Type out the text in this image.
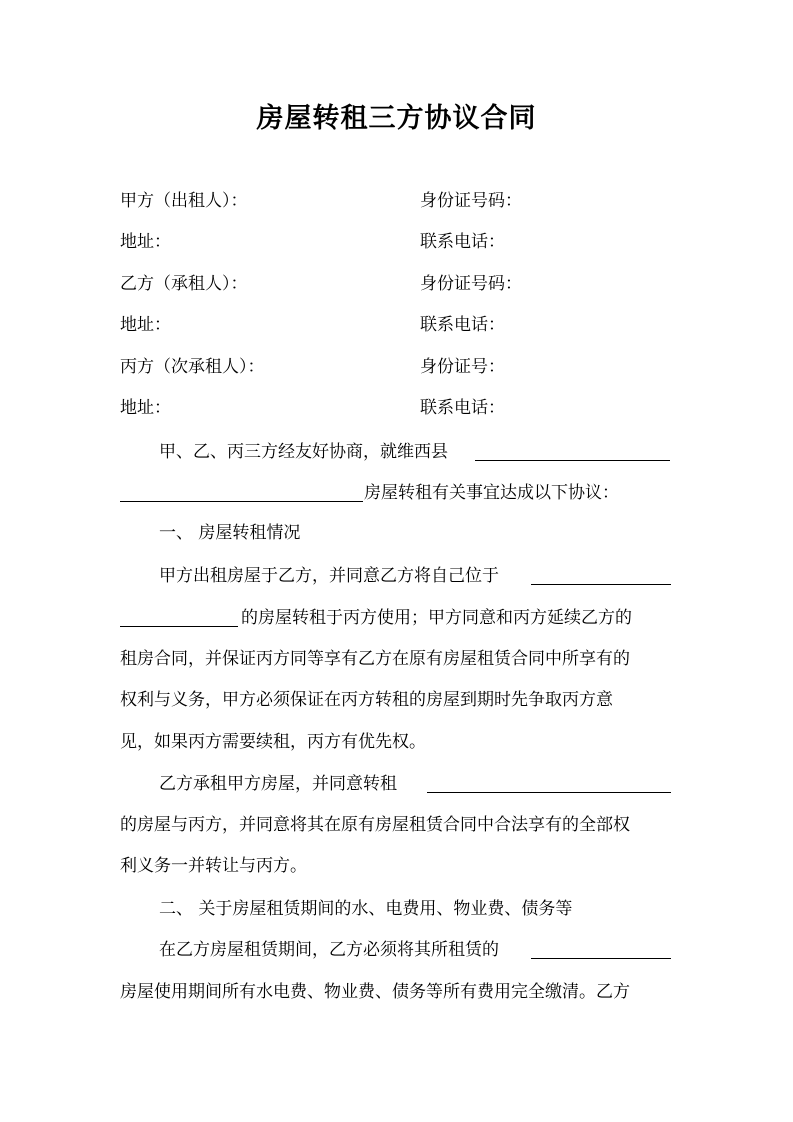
房屋转租三方协议合同
甲方（出租人）：	身份证号码：
地址：	联系电话：
乙方（承租人）：	身份证号码：
地址：	联系电话：
丙方（次承租人）：	身份证号：
地址：	联系电话：
甲、乙、丙三方经友好协商，就维西县
房屋转租有关事宜达成以下协议：
一、 房屋转租情况
甲方出租房屋于乙方，并同意乙方将自己位于
的房屋转租于丙方使用；甲方同意和丙方延续乙方的
租房合同，并保证丙方同等享有乙方在原有房屋租赁合同中所享有的
权利与义务，甲方必须保证在丙方转租的房屋到期时先争取丙方意
见，如果丙方需要续租，丙方有优先权。
乙方承租甲方房屋，并同意转租
的房屋与丙方，并同意将其在原有房屋租赁合同中合法享有的全部权
利义务一并转让与丙方。
二、 关于房屋租赁期间的水、电费用、物业费、债务等
在乙方房屋租赁期间，乙方必须将其所租赁的
房屋使用期间所有水电费、物业费、债务等所有费用完全缴清。乙方
